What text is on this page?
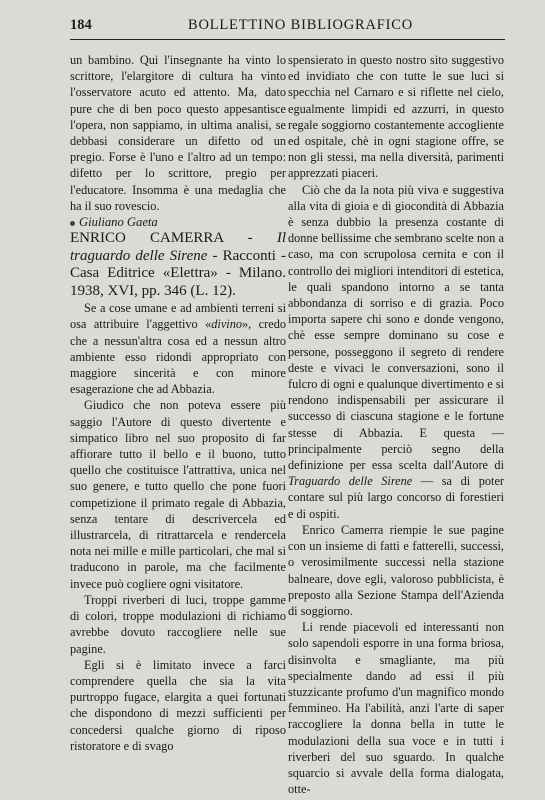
184	BOLLETTINO BIBLIOGRAFICO

un bambino. Qui l'insegnante ha vinto lo scrittore, l'elargitore di cultura ha vinto l'osservatore acuto ed attento. Ma, dato pure che di ben poco questo appesantisce l'opera, non sappiamo, in ultima analisi, se debbasi considerare un difetto od un pregio. Forse è l'uno e l'altro ad un tempo: difetto per lo scrittore, pregio per l'educatore. Insomma è una medaglia che ha il suo rovescio.

Giuliano Gaeta

ENRICO CAMERRA - Il traguardo delle Sirene - Racconti - Casa Editrice «Elettra» - Milano. 1938, XVI, pp. 346 (L. 12).

Se a cose umane e ad ambienti terreni si osa attribuire l'aggettivo «divino», credo che a nessun'altra cosa ed a nessun altro ambiente esso ridondi appropriato con maggiore sincerità e con minore esagerazione che ad Abbazia.

Giudico che non poteva essere più saggio l'Autore di questo divertente e simpatico libro nel suo proposito di far affiorare tutto il bello e il buono, tutto quello che costituisce l'attrattiva, unica nel suo genere, e tutto quello che pone fuori competizione il primato regale di Abbazia, senza tentare di descrivercela ed illustrarcela, di ritrattarcela e rendercela nota nei mille e mille particolari, che mal si traducono in parole, ma che facilmente invece può cogliere ogni visitatore.

Troppi riverberi di luci, troppe gamme di colori, troppe modulazioni di richiamo avrebbe dovuto raccogliere nelle sue pagine.

Egli si è limitato invece a farci comprendere quella che sia la vita purtroppo fugace, elargita a quei fortunati che dispondono di mezzi sufficienti per concedersi qualche giorno di riposo ristoratore e di svago

spensierato in questo nostro sito suggestivo ed invidiato che con tutte le sue luci si specchia nel Carnaro e si riflette nel cielo, egualmente limpidi ed azzurri, in questo regale soggiorno costantemente accogliente ed ospitale, chè in ogni stagione offre, se non gli stessi, ma nella diversità, parimenti apprezzati piaceri.

Ciò che da la nota più viva e suggestiva alla vita di gioia e di giocondità di Abbazia è senza dubbio la presenza costante di donne bellissime che sembrano scelte non a caso, ma con scrupolosa cernita e con il controllo dei migliori intenditori di estetica, le quali spandono intorno a se tanta abbondanza di sorriso e di grazia. Poco importa sapere chi sono e donde vengono, chè esse sempre dominano su cose e persone, posseggono il segreto di rendere deste e vivaci le conversazioni, sono il fulcro di ogni e qualunque divertimento e si rendono indispensabili per assicurare il successo di ciascuna stagione e le fortune stesse di Abbazia. E questa — principalmente perciò segno della definizione per essa scelta dall'Autore di Traguardo delle Sirene — sa di poter contare sul più largo concorso di forestieri e di ospiti.

Enrico Camerra riempie le sue pagine con un insieme di fatti e fatterelli, successi, o verosimilmente successi nella stazione balneare, dove egli, valoroso pubblicista, è preposto alla Sezione Stampa dell'Azienda di soggiorno.

Li rende piacevoli ed interessanti non solo sapendoli esporre in una forma briosa, disinvolta e smagliante, ma più specialmente dando ad essi il più stuzzicante profumo d'un magnifico mondo femmineo. Ha l'abilità, anzi l'arte di saper raccogliere la donna bella in tutte le modulazioni della sua voce e in tutti i riverberi del suo sguardo. In qualche squarcio si avvale della forma dialogata, otte-
